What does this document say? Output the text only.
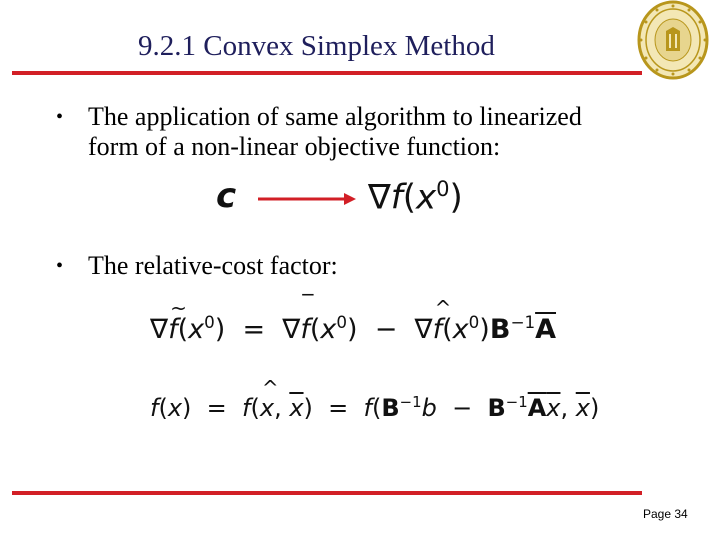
9.2.1 Convex Simplex Method
• The application of same algorithm to linearized form of a non-linear objective function:
c	$\nabla f(x^0)$
• The relative-cost factor:
∇f
~
$(x^0) = \nabla f$
‾
$(x^0) - \nabla f$
^
$(x^0)B^{-1}\overline{A}$
f(x)  =  f(x
^
, $\overline{x}) = f(B^{-1}b - B^{-1}\overline{A}\overline{x}$, $\overline{x}$)
Page 34
